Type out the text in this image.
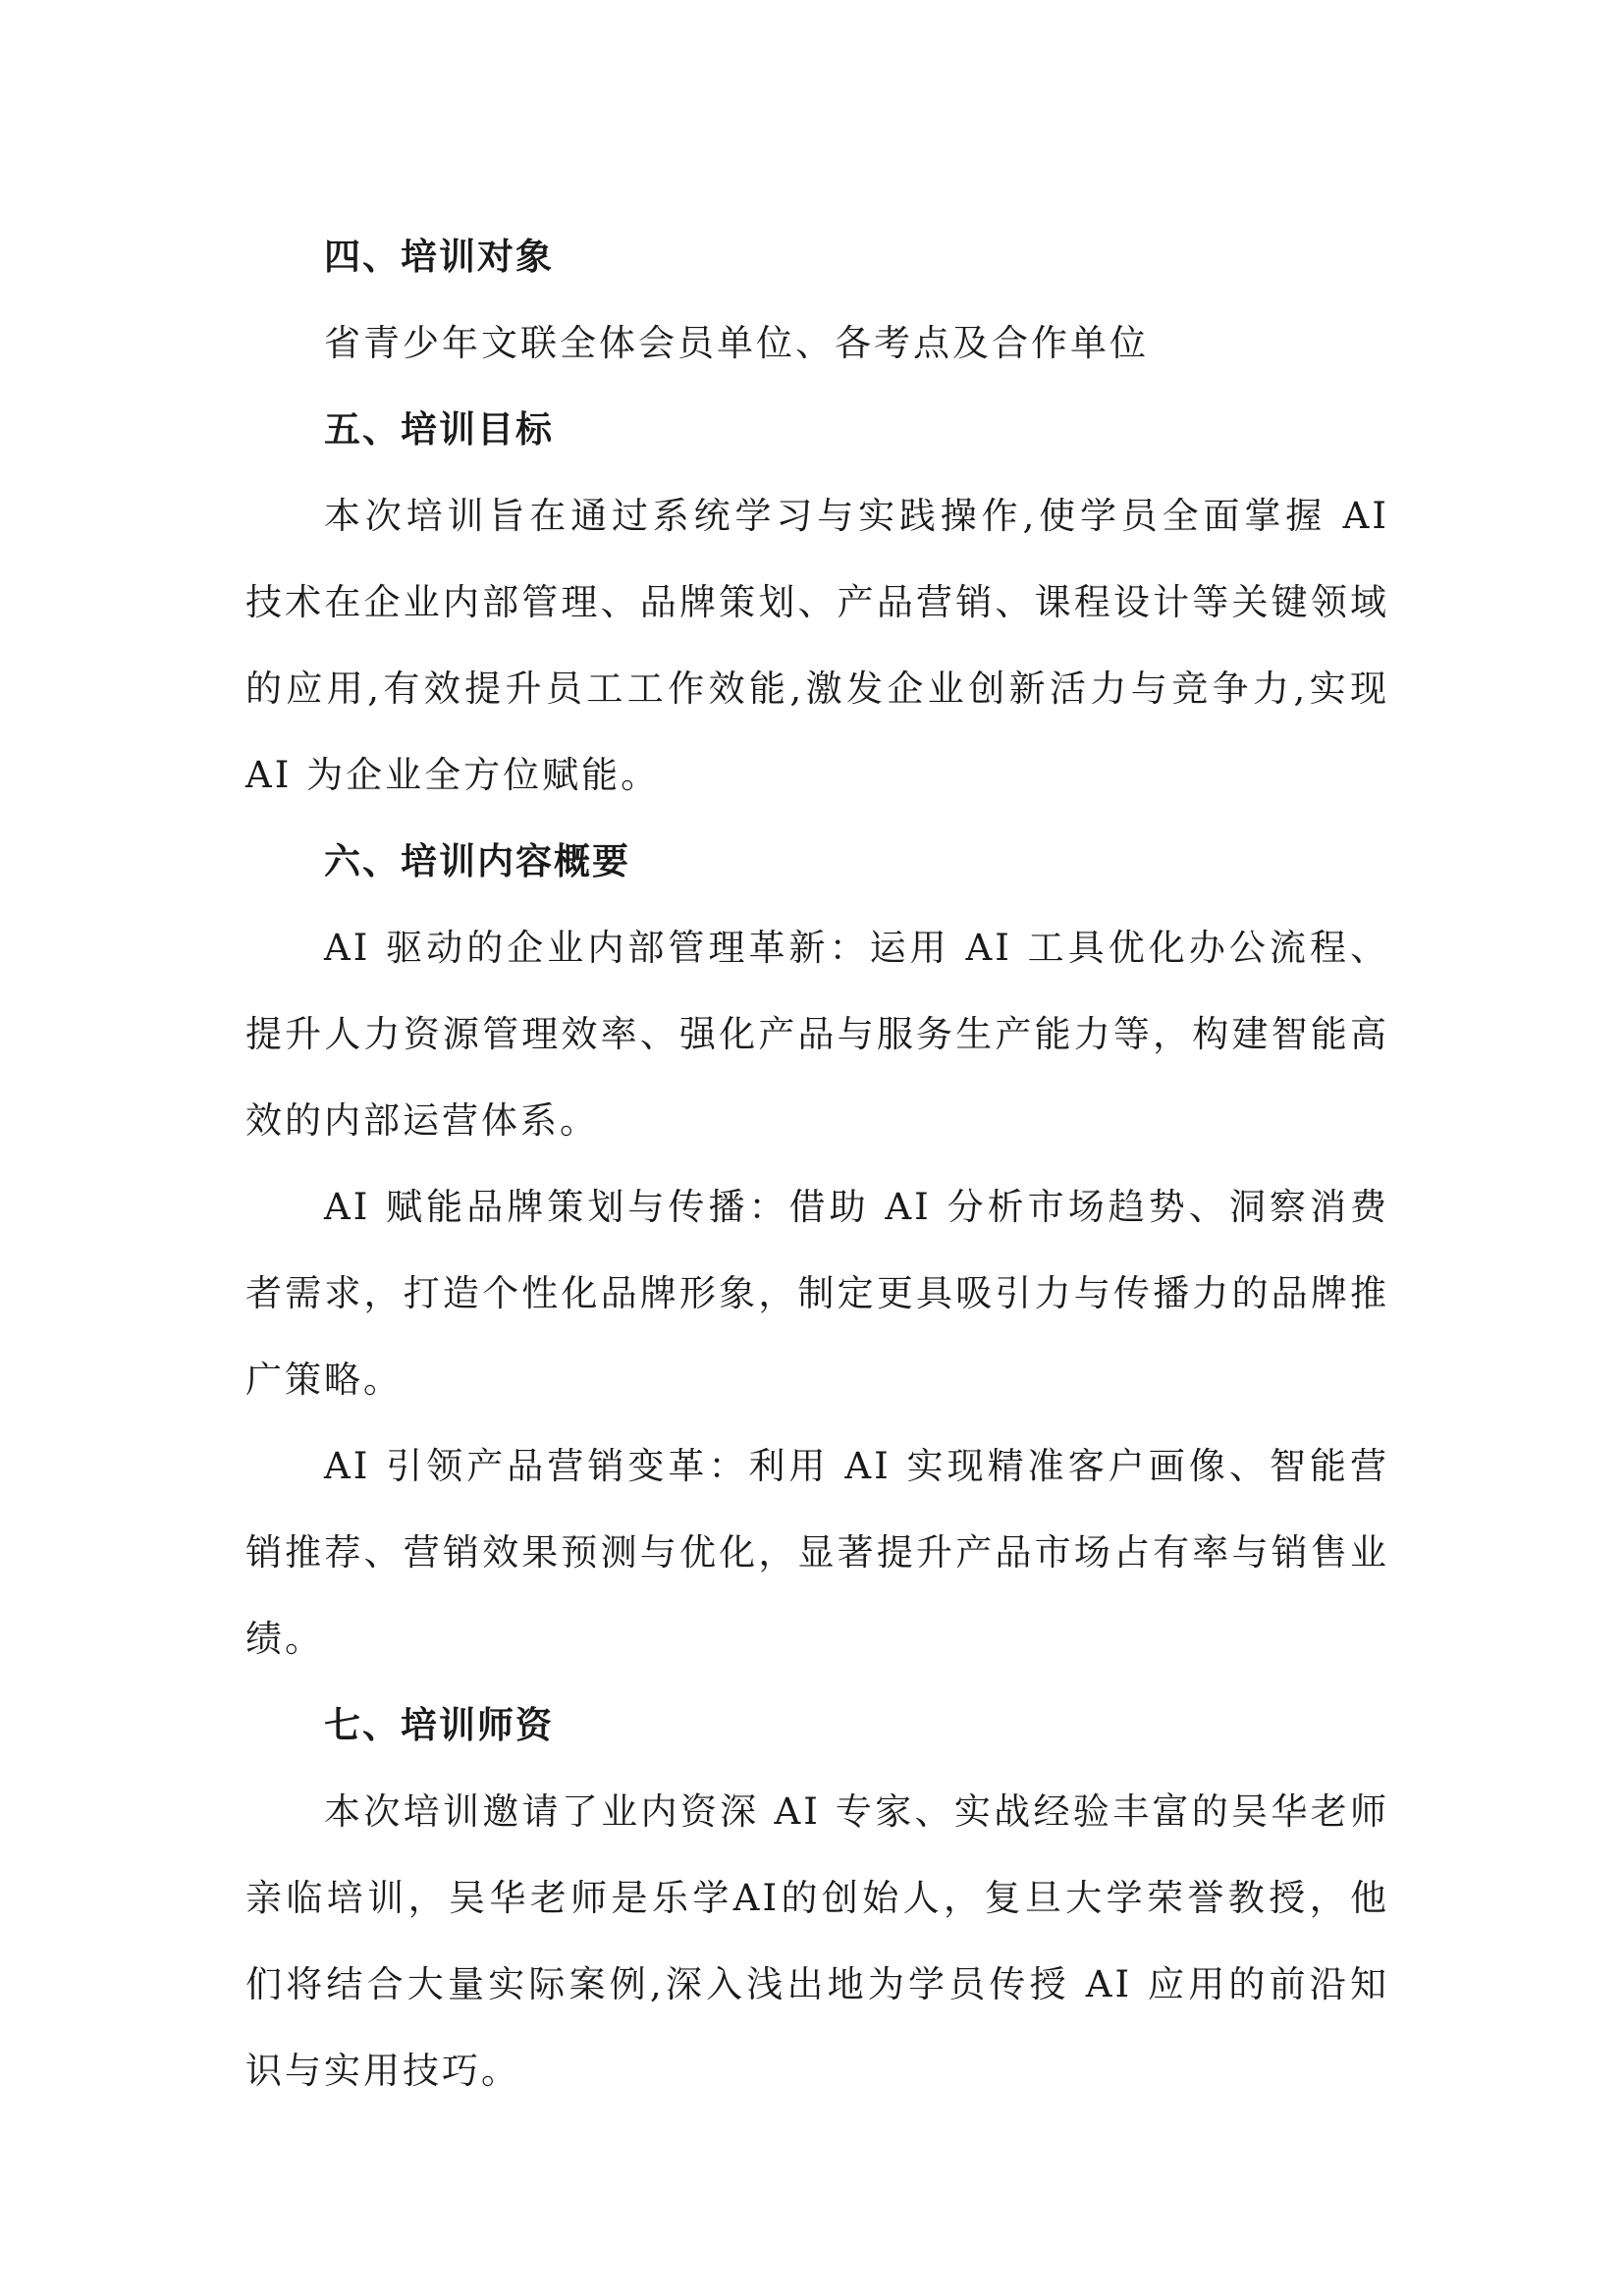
四、培训对象

省青少年文联全体会员单位、各考点及合作单位

五、培训目标

本次培训旨在通过系统学习与实践操作,使学员全面掌握 AI 技术在企业内部管理、品牌策划、产品营销、课程设计等关键领域的应用,有效提升员工工作效能,激发企业创新活力与竞争力,实现 AI 为企业全方位赋能。

六、培训内容概要

AI 驱动的企业内部管理革新：运用 AI 工具优化办公流程、提升人力资源管理效率、强化产品与服务生产能力等，构建智能高效的内部运营体系。

AI 赋能品牌策划与传播：借助 AI 分析市场趋势、洞察消费者需求，打造个性化品牌形象，制定更具吸引力与传播力的品牌推广策略。

AI 引领产品营销变革：利用 AI 实现精准客户画像、智能营销推荐、营销效果预测与优化，显著提升产品市场占有率与销售业绩。

七、培训师资

本次培训邀请了业内资深 AI 专家、实战经验丰富的吴华老师亲临培训，吴华老师是乐学AI的创始人，复旦大学荣誉教授，他们将结合大量实际案例,深入浅出地为学员传授 AI 应用的前沿知识与实用技巧。
